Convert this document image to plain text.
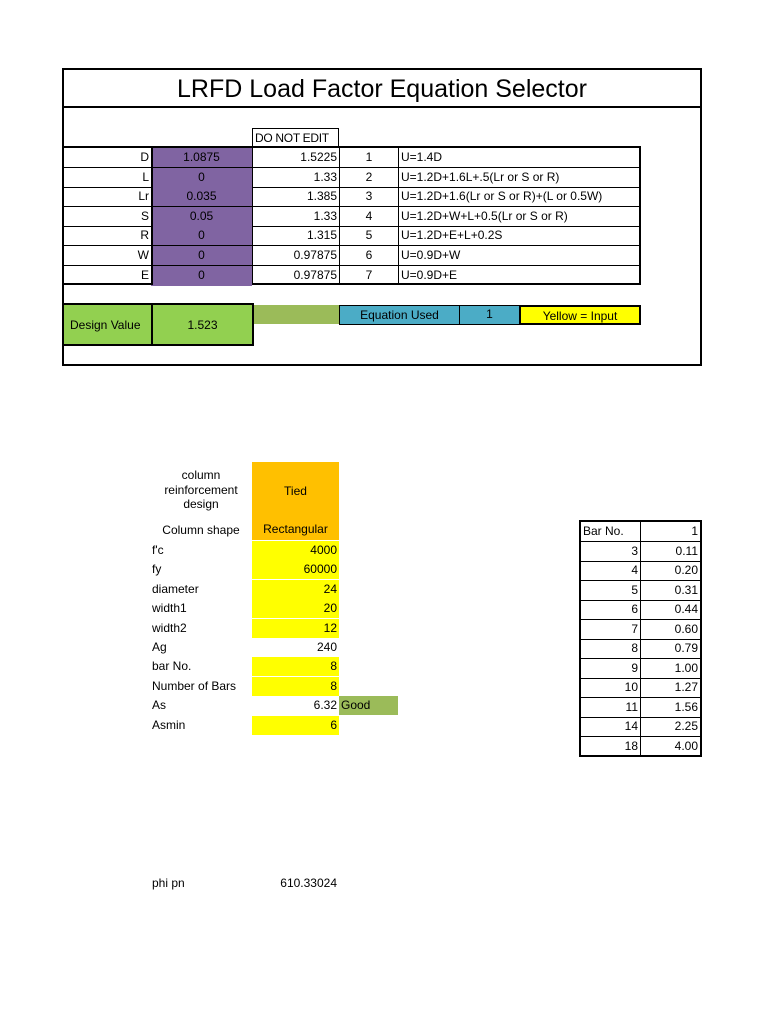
LRFD Load Factor Equation Selector
DO NOT EDIT
D	1.0875	1.5225	1	U=1.4D
L	0	1.33	2	U=1.2D+1.6L+.5(Lr or S or R)
Lr	0.035	1.385	3	U=1.2D+1.6(Lr or S or R)+(L or 0.5W)
S	0.05	1.33	4	U=1.2D+W+L+0.5(Lr or S or R)
R	0	1.315	5	U=1.2D+E+L+0.2S
W	0	0.97875	6	U=0.9D+W
E	0	0.97875	7	U=0.9D+E
Design Value	1.523
Equation Used	1	Yellow = Input
column
reinforcement
design
Tied
Column shape	Rectangular
f'c	4000
fy	60000
diameter	24
width1	20
width2	12
Ag	240
bar No.	8
Number of Bars	8
As	6.32 Good
Asmin	6
phi pn	610.33024
Bar No.	1
3	0.11
4	0.20
5	0.31
6	0.44
7	0.60
8	0.79
9	1.00
10	1.27
11	1.56
14	2.25
18	4.00
